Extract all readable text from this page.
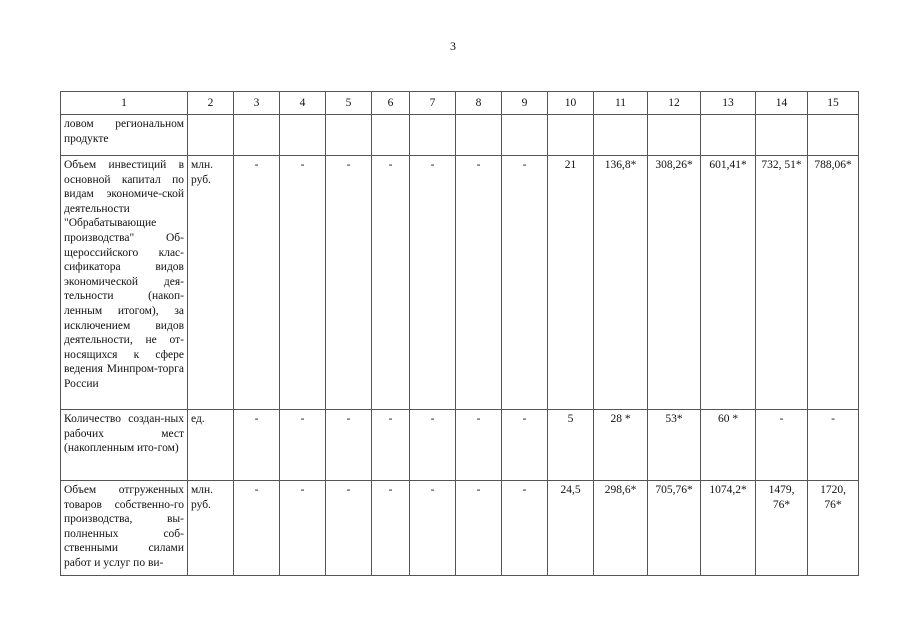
3
1	2	3	4	5	6	7	8	9	10	11	12	13	14	15
ловом региональном продукте														
Объем инвестиций в основной капитал по видам экономиче-ской деятельности "Обрабатывающие производства" Об-щероссийского клас-сификатора видов экономической дея-тельности (накоп-ленным итогом), за исключением видов деятельности, не от-носящихся к сфере ведения Минпром-торга России	млн. руб.	-	-	-	-	-	-	-	21	136,8*	308,26*	601,41*	732, 51*	788,06*
Количество создан-ных рабочих мест (накопленным ито-гом)	ед.	-	-	-	-	-	-	-	5	28 *	53*	60 *	-	-
Объем отгруженных товаров собственно-го производства, вы-полненных соб-ственными силами работ и услуг по ви-	млн. руб.	-	-	-	-	-	-	-	24,5	298,6*	705,76*	1074,2*	1479, 76*	1720, 76*
